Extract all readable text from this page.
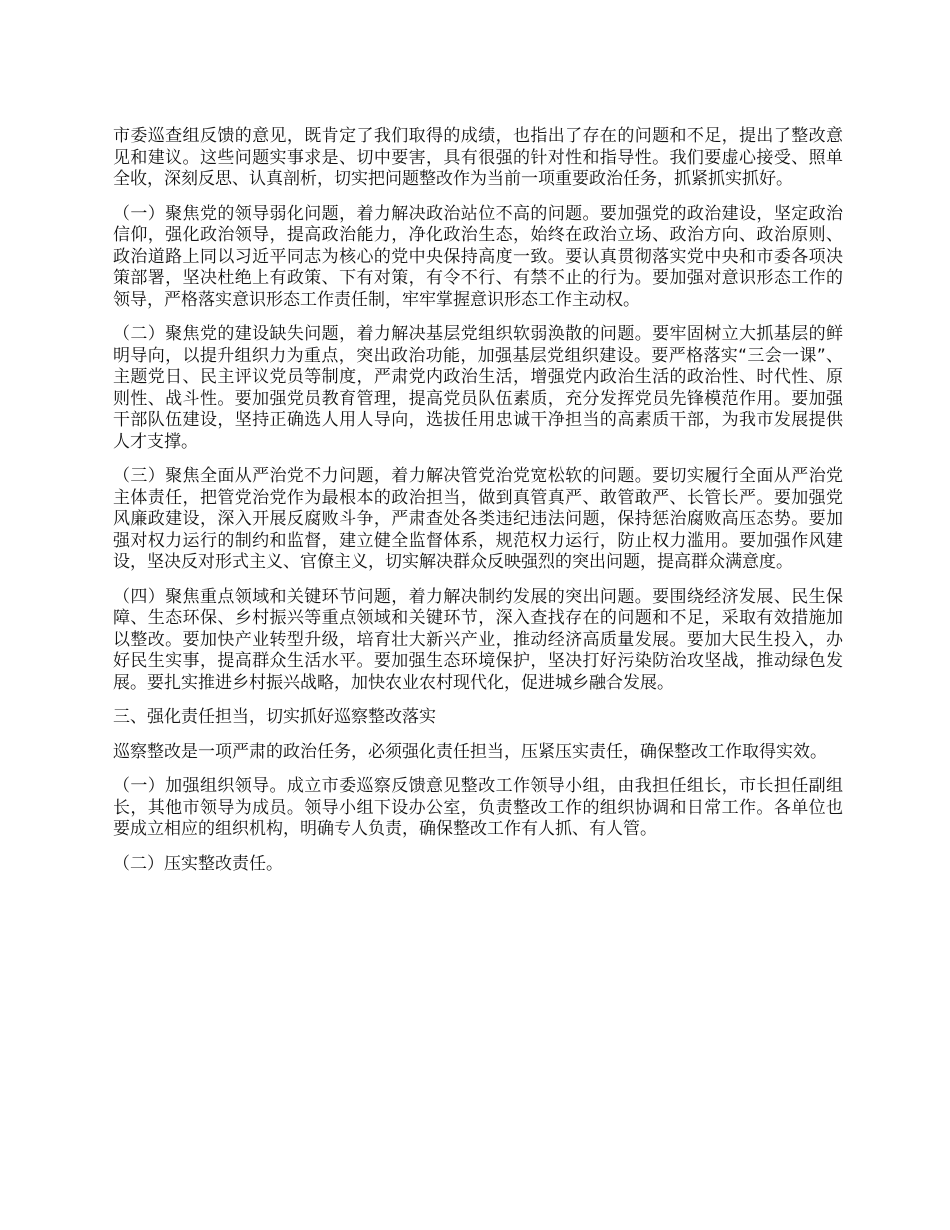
市委巡查组反馈的意见，既肯定了我们取得的成绩，也指出了存在的问题和不足，提出了整改意见和建议。这些问题实事求是、切中要害，具有很强的针对性和指导性。我们要虚心接受、照单全收，深刻反思、认真剖析，切实把问题整改作为当前一项重要政治任务，抓紧抓实抓好。

（一）聚焦党的领导弱化问题，着力解决政治站位不高的问题。要加强党的政治建设，坚定政治信仰，强化政治领导，提高政治能力，净化政治生态，始终在政治立场、政治方向、政治原则、政治道路上同以习近平同志为核心的党中央保持高度一致。要认真贯彻落实党中央和市委各项决策部署，坚决杜绝上有政策、下有对策，有令不行、有禁不止的行为。要加强对意识形态工作的领导，严格落实意识形态工作责任制，牢牢掌握意识形态工作主动权。

（二）聚焦党的建设缺失问题，着力解决基层党组织软弱涣散的问题。要牢固树立大抓基层的鲜明导向，以提升组织力为重点，突出政治功能，加强基层党组织建设。要严格落实“三会一课”、主题党日、民主评议党员等制度，严肃党内政治生活，增强党内政治生活的政治性、时代性、原则性、战斗性。要加强党员教育管理，提高党员队伍素质，充分发挥党员先锋模范作用。要加强干部队伍建设，坚持正确选人用人导向，选拔任用忠诚干净担当的高素质干部，为我市发展提供人才支撑。

（三）聚焦全面从严治党不力问题，着力解决管党治党宽松软的问题。要切实履行全面从严治党主体责任，把管党治党作为最根本的政治担当，做到真管真严、敢管敢严、长管长严。要加强党风廉政建设，深入开展反腐败斗争，严肃查处各类违纪违法问题，保持惩治腐败高压态势。要加强对权力运行的制约和监督，建立健全监督体系，规范权力运行，防止权力滥用。要加强作风建设，坚决反对形式主义、官僚主义，切实解决群众反映强烈的突出问题，提高群众满意度。

（四）聚焦重点领域和关键环节问题，着力解决制约发展的突出问题。要围绕经济发展、民生保障、生态环保、乡村振兴等重点领域和关键环节，深入查找存在的问题和不足，采取有效措施加以整改。要加快产业转型升级，培育壮大新兴产业，推动经济高质量发展。要加大民生投入，办好民生实事，提高群众生活水平。要加强生态环境保护，坚决打好污染防治攻坚战，推动绿色发展。要扎实推进乡村振兴战略，加快农业农村现代化，促进城乡融合发展。

三、强化责任担当，切实抓好巡察整改落实

巡察整改是一项严肃的政治任务，必须强化责任担当，压紧压实责任，确保整改工作取得实效。

（一）加强组织领导。成立市委巡察反馈意见整改工作领导小组，由我担任组长，市长担任副组长，其他市领导为成员。领导小组下设办公室，负责整改工作的组织协调和日常工作。各单位也要成立相应的组织机构，明确专人负责，确保整改工作有人抓、有人管。

（二）压实整改责任。
